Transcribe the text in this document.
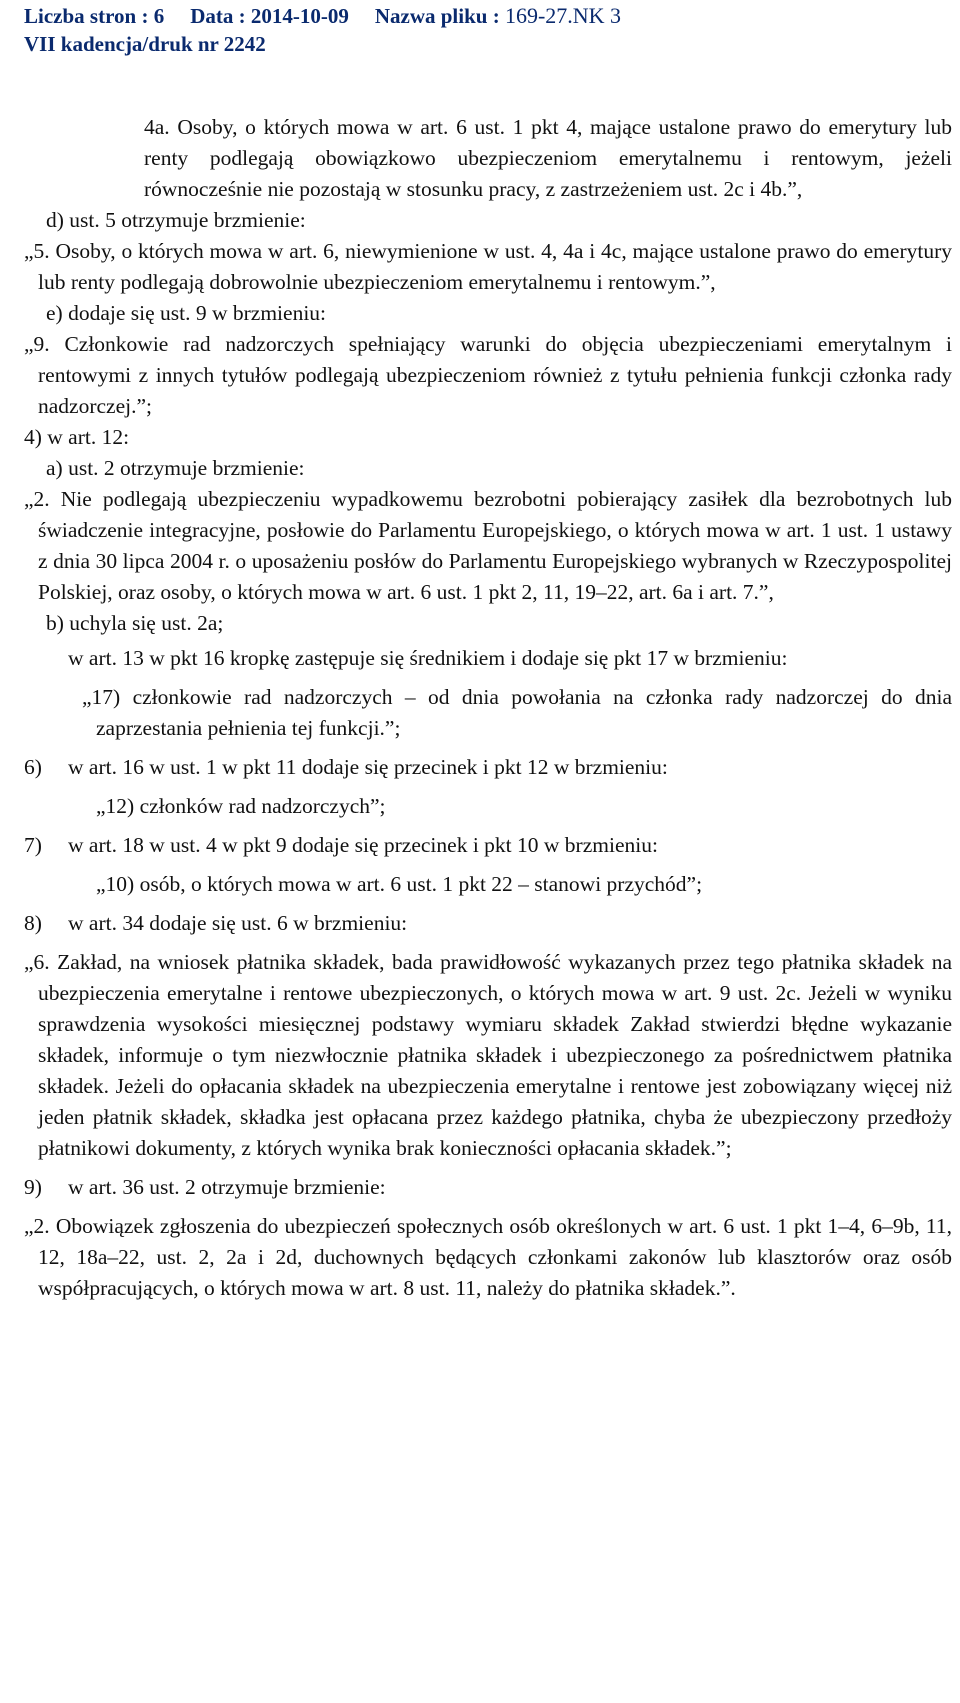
Liczba stron : 6 Data : 2014-10-09 Nazwa pliku : 169-27.NK 3
VII kadencja/druk nr 2242

4a. Osoby, o których mowa w art. 6 ust. 1 pkt 4, mające ustalone prawo do emerytury lub renty podlegają obowiązkowo ubezpieczeniom emerytalnemu i rentowym, jeżeli równocześnie nie pozostają w stosunku pracy, z zastrzeżeniem ust. 2c i 4b.”,

d) ust. 5 otrzymuje brzmienie:

„5. Osoby, o których mowa w art. 6, niewymienione w ust. 4, 4a i 4c, mające ustalone prawo do emerytury lub renty podlegają dobrowolnie ubezpieczeniom emerytalnemu i rentowym.”,

e) dodaje się ust. 9 w brzmieniu:

„9. Członkowie rad nadzorczych spełniający warunki do objęcia ubezpieczeniami emerytalnym i rentowymi z innych tytułów podlegają ubezpieczeniom również z tytułu pełnienia funkcji członka rady nadzorczej.”;

4) w art. 12:

a) ust. 2 otrzymuje brzmienie:

„2. Nie podlegają ubezpieczeniu wypadkowemu bezrobotni pobierający zasiłek dla bezrobotnych lub świadczenie integracyjne, posłowie do Parlamentu Europejskiego, o których mowa w art. 1 ust. 1 ustawy z dnia 30 lipca 2004 r. o uposażeniu posłów do Parlamentu Europejskiego wybranych w Rzeczypospolitej Polskiej, oraz osoby, o których mowa w art. 6 ust. 1 pkt 2, 11, 19–22, art. 6a i art. 7.”,

b) uchyla się ust. 2a;

w art. 13 w pkt 16 kropkę zastępuje się średnikiem i dodaje się pkt 17 w brzmieniu:

„17) członkowie rad nadzorczych – od dnia powołania na członka rady nadzorczej do dnia zaprzestania pełnienia tej funkcji.”;

6) w art. 16 w ust. 1 w pkt 11 dodaje się przecinek i pkt 12 w brzmieniu:

„12) członków rad nadzorczych”;

7) w art. 18 w ust. 4 w pkt 9 dodaje się przecinek i pkt 10 w brzmieniu:

„10) osób, o których mowa w art. 6 ust. 1 pkt 22 – stanowi przychód”;

8) w art. 34 dodaje się ust. 6 w brzmieniu:

„6. Zakład, na wniosek płatnika składek, bada prawidłowość wykazanych przez tego płatnika składek na ubezpieczenia emerytalne i rentowe ubezpieczonych, o których mowa w art. 9 ust. 2c. Jeżeli w wyniku sprawdzenia wysokości miesięcznej podstawy wymiaru składek Zakład stwierdzi błędne wykazanie składek, informuje o tym niezwłocznie płatnika składek i ubezpieczonego za pośrednictwem płatnika składek. Jeżeli do opłacania składek na ubezpieczenia emerytalne i rentowe jest zobowiązany więcej niż jeden płatnik składek, składka jest opłacana przez każdego płatnika, chyba że ubezpieczony przedłoży płatnikowi dokumenty, z których wynika brak konieczności opłacania składek.”;

9) w art. 36 ust. 2 otrzymuje brzmienie:

„2. Obowiązek zgłoszenia do ubezpieczeń społecznych osób określonych w art. 6 ust. 1 pkt 1–4, 6–9b, 11, 12, 18a–22, ust. 2, 2a i 2d, duchownych będących członkami zakonów lub klasztorów oraz osób współpracujących, o których mowa w art. 8 ust. 11, należy do płatnika składek.”.
